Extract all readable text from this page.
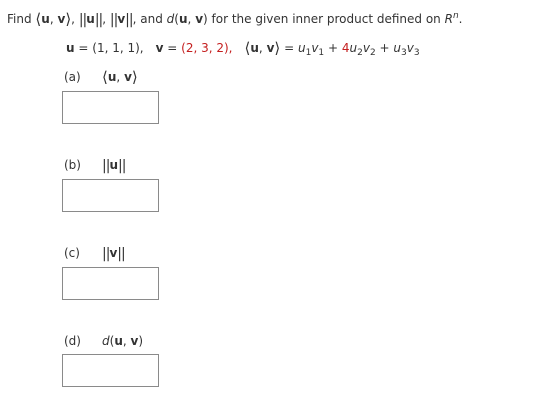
Find
⟨ u ,
v ⟩ ,
|| u || ,
|| v || ,
and
d ( u ,
v ) for the given inner product defined on
R n .
u
=
(1, 1, 1), v
=
(2, 3, 2), ⟨ u ,
v ⟩
=
$u_1v_1$
+
$4u_2v_2$
+
$u_3v_3$
(a)	⟨ u ,
v ⟩
(b)	|| u ||
(c)	|| v ||
(d)	d ( u ,
v )
